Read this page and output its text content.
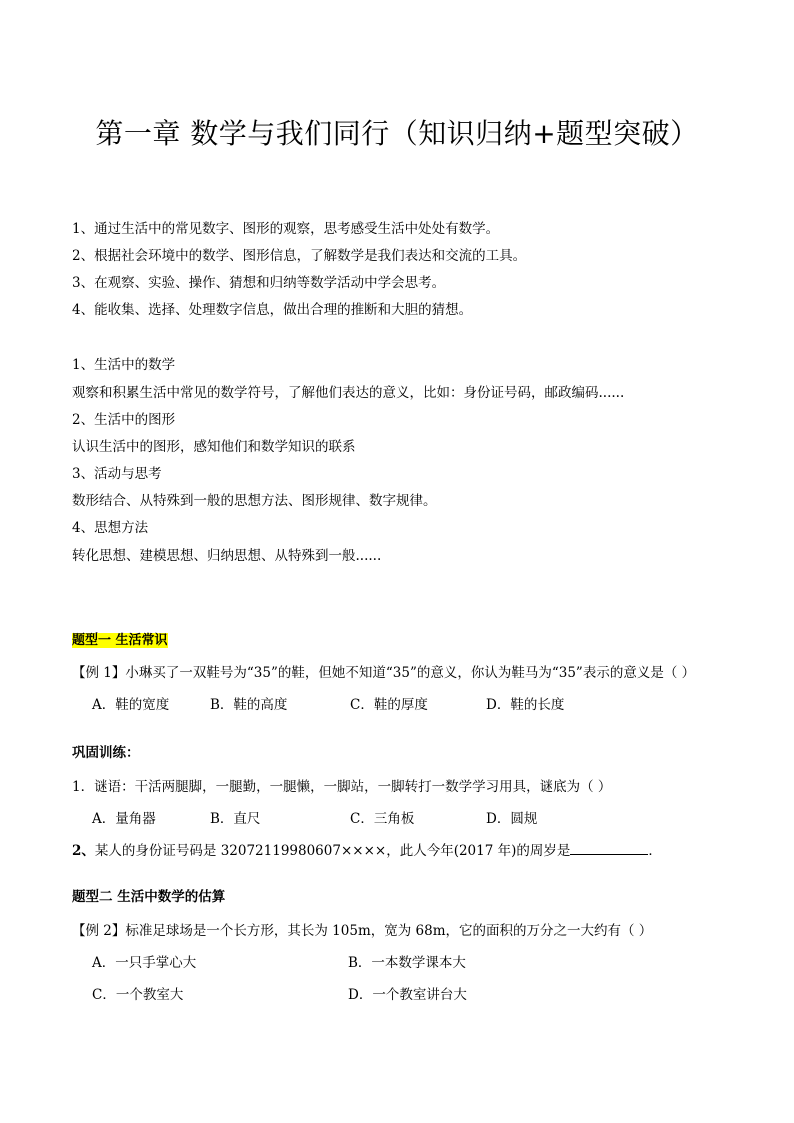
第一章 数学与我们同行（知识归纳+题型突破）
1、通过生活中的常见数字、图形的观察，思考感受生活中处处有数学。
2、根据社会环境中的数学、图形信息，了解数学是我们表达和交流的工具。
3、在观察、实验、操作、猜想和归纳等数学活动中学会思考。
4、能收集、选择、处理数字信息，做出合理的推断和大胆的猜想。
1、生活中的数学
观察和积累生活中常见的数学符号，了解他们表达的意义，比如：身份证号码，邮政编码......
2、生活中的图形
认识生活中的图形，感知他们和数学知识的联系
3、活动与思考
数形结合、从特殊到一般的思想方法、图形规律、数字规律。
4、思想方法
转化思想、建模思想、归纳思想、从特殊到一般......
题型一 生活常识
【例 1】小琳买了一双鞋号为“35”的鞋，但她不知道“35”的意义，你认为鞋马为“35”表示的意义是（ ）
A．鞋的宽度	B．鞋的高度	C．鞋的厚度	D．鞋的长度
巩固训练：
1．谜语：干活两腿脚，一腿勤，一腿懒，一脚站，一脚转打一数学学习用具，谜底为（ ）
A．量角器	B．直尺	C．三角板	D．圆规
2、某人的身份证号码是 32072119980607××××，此人今年(2017 年)的周岁是	．
题型二 生活中数学的估算
【例 2】标准足球场是一个长方形，其长为 105m，宽为 68m，它的面积的万分之一大约有（ ）
A．一只手掌心大	B．一本数学课本大
C．一个教室大	D．一个教室讲台大
